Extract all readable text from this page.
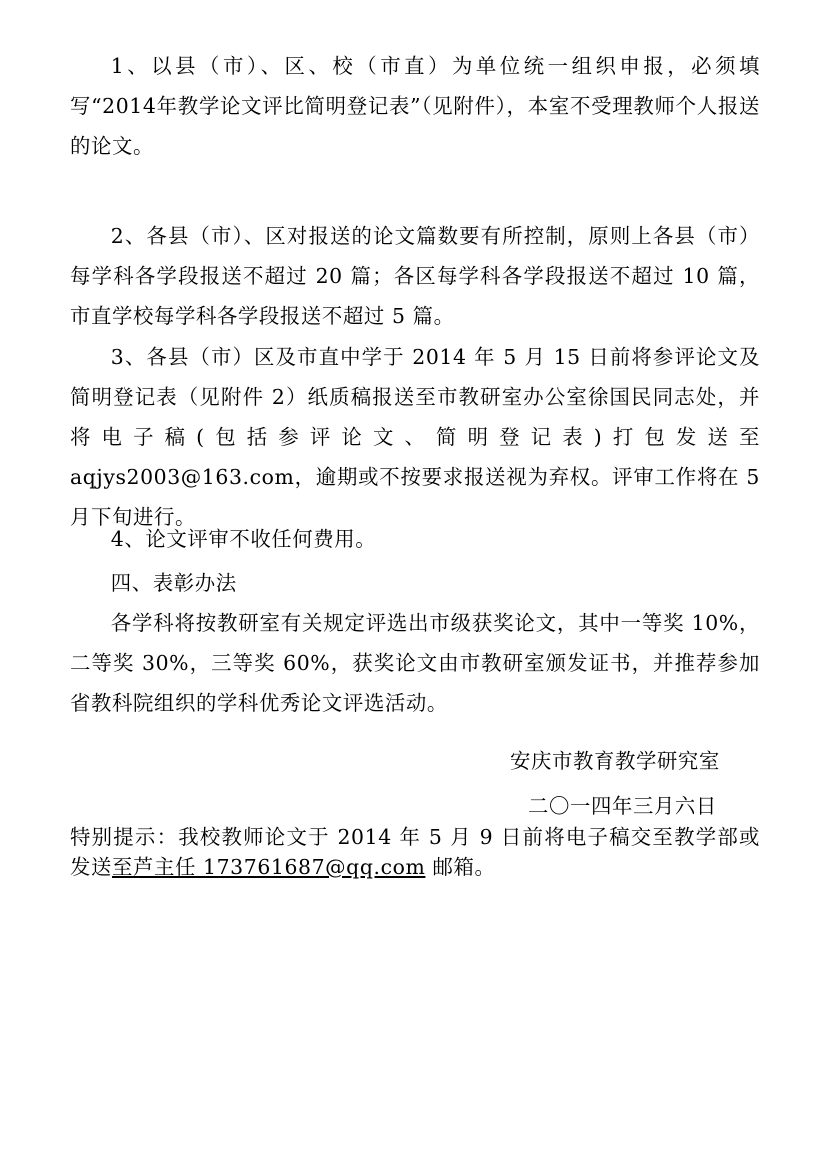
1、以县（市）、区、校（市直）为单位统一组织申报，必须填写“2014年教学论文评比简明登记表”（见附件），本室不受理教师个人报送的论文。

2、各县（市）、区对报送的论文篇数要有所控制，原则上各县（市）每学科各学段报送不超过 20 篇；各区每学科各学段报送不超过 10 篇，市直学校每学科各学段报送不超过 5 篇。

3、各县（市）区及市直中学于 2014 年 5 月 15 日前将参评论文及简明登记表（见附件 2）纸质稿报送至市教研室办公室徐国民同志处，并将电子稿(包括参评论文、简明登记表)打包发送至 aqjys2003@163.com，逾期或不按要求报送视为弃权。评审工作将在 5 月下旬进行。

4、论文评审不收任何费用。

四、表彰办法

各学科将按教研室有关规定评选出市级获奖论文，其中一等奖 10%，二等奖 30%，三等奖 60%，获奖论文由市教研室颁发证书，并推荐参加省教科院组织的学科优秀论文评选活动。

安庆市教育教学研究室

二〇一四年三月六日

特别提示：我校教师论文于 2014 年 5 月 9 日前将电子稿交至教学部或发送至芦主任 173761687@qq.com 邮箱。
